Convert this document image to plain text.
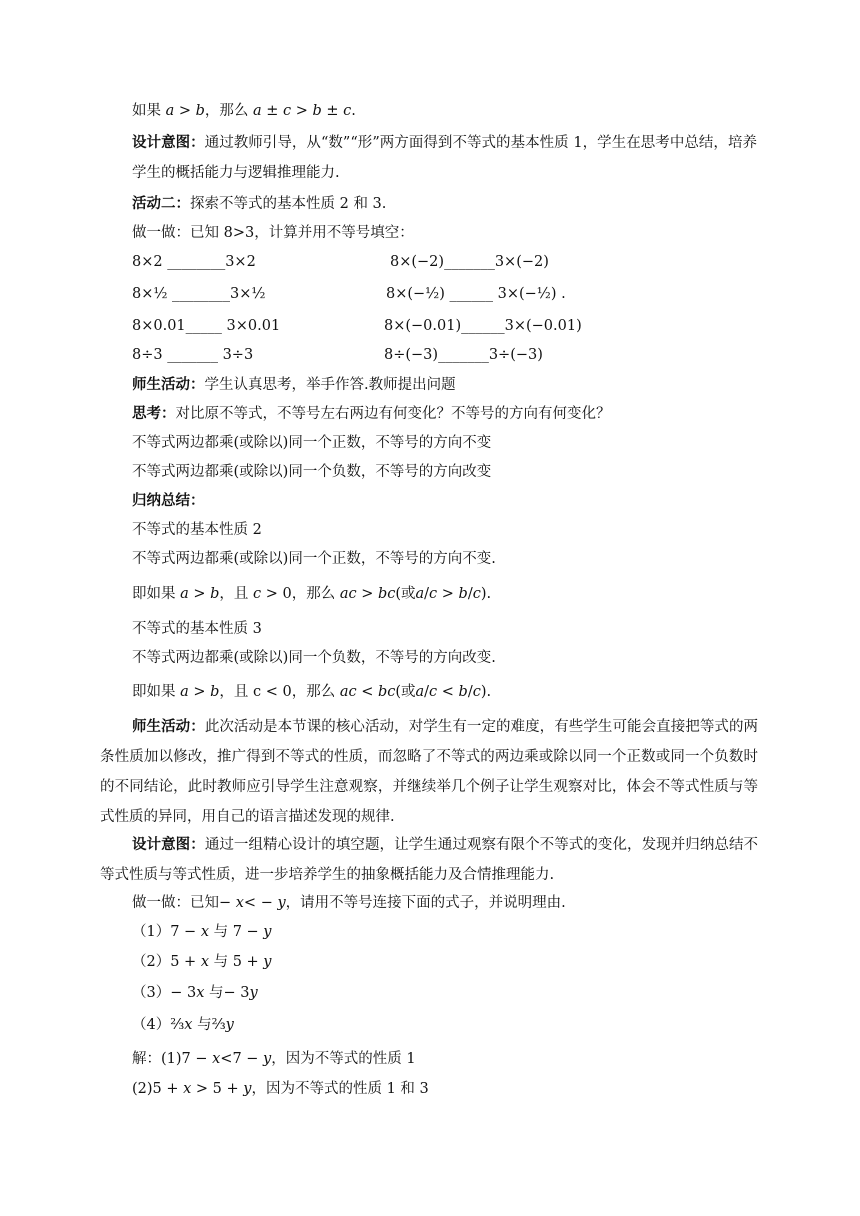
如果 𝑎 > 𝑏，那么 𝑎 ± 𝑐 > 𝑏 ± 𝑐.
设计意图：通过教师引导，从“数”“形”两方面得到不等式的基本性质 1，学生在思考中总结，培养学生的概括能力与逻辑推理能力.
活动二：探索不等式的基本性质 2 和 3.
做一做：已知 8>3，计算并用不等号填空：
8×2 ________3×2	8×(−2)_______3×(−2)
8×½ ________3×½	8×(−½) ______ 3×(−½) .
8×0.01_____ 3×0.01	8×(−0.01)______3×(−0.01)
8÷3 _______ 3÷3	8÷(−3)_______3÷(−3)
师生活动：学生认真思考，举手作答.教师提出问题
思考：对比原不等式，不等号左右两边有何变化？不等号的方向有何变化？
不等式两边都乘(或除以)同一个正数，不等号的方向不变
不等式两边都乘(或除以)同一个负数，不等号的方向改变
归纳总结：
不等式的基本性质 2
不等式两边都乘(或除以)同一个正数，不等号的方向不变.
即如果 𝑎 > 𝑏，且 𝑐 > 0，那么 𝑎𝑐 > 𝑏𝑐(或𝑎/𝑐 > 𝑏/𝑐).
不等式的基本性质 3
不等式两边都乘(或除以)同一个负数，不等号的方向改变.
即如果 𝑎 > 𝑏，且 c < 0，那么 𝑎𝑐 < 𝑏𝑐(或𝑎/𝑐 < 𝑏/𝑐).
师生活动：此次活动是本节课的核心活动，对学生有一定的难度，有些学生可能会直接把等式的两条性质加以修改，推广得到不等式的性质，而忽略了不等式的两边乘或除以同一个正数或同一个负数时的不同结论，此时教师应引导学生注意观察，并继续举几个例子让学生观察对比，体会不等式性质与等式性质的异同，用自己的语言描述发现的规律.
设计意图：通过一组精心设计的填空题，让学生通过观察有限个不等式的变化，发现并归纳总结不等式性质与等式性质，进一步培养学生的抽象概括能力及合情推理能力.
做一做：已知− 𝑥< − 𝑦，请用不等号连接下面的式子，并说明理由.
（1）7 − 𝑥 与 7 − 𝑦
（2）5 + 𝑥 与 5 + 𝑦
（3）− 3𝑥 与− 3𝑦
（4）⅔𝑥 与⅔𝑦
解：(1)7 − 𝑥<7 − 𝑦，因为不等式的性质 1
(2)5 + 𝑥 > 5 + 𝑦，因为不等式的性质 1 和 3
